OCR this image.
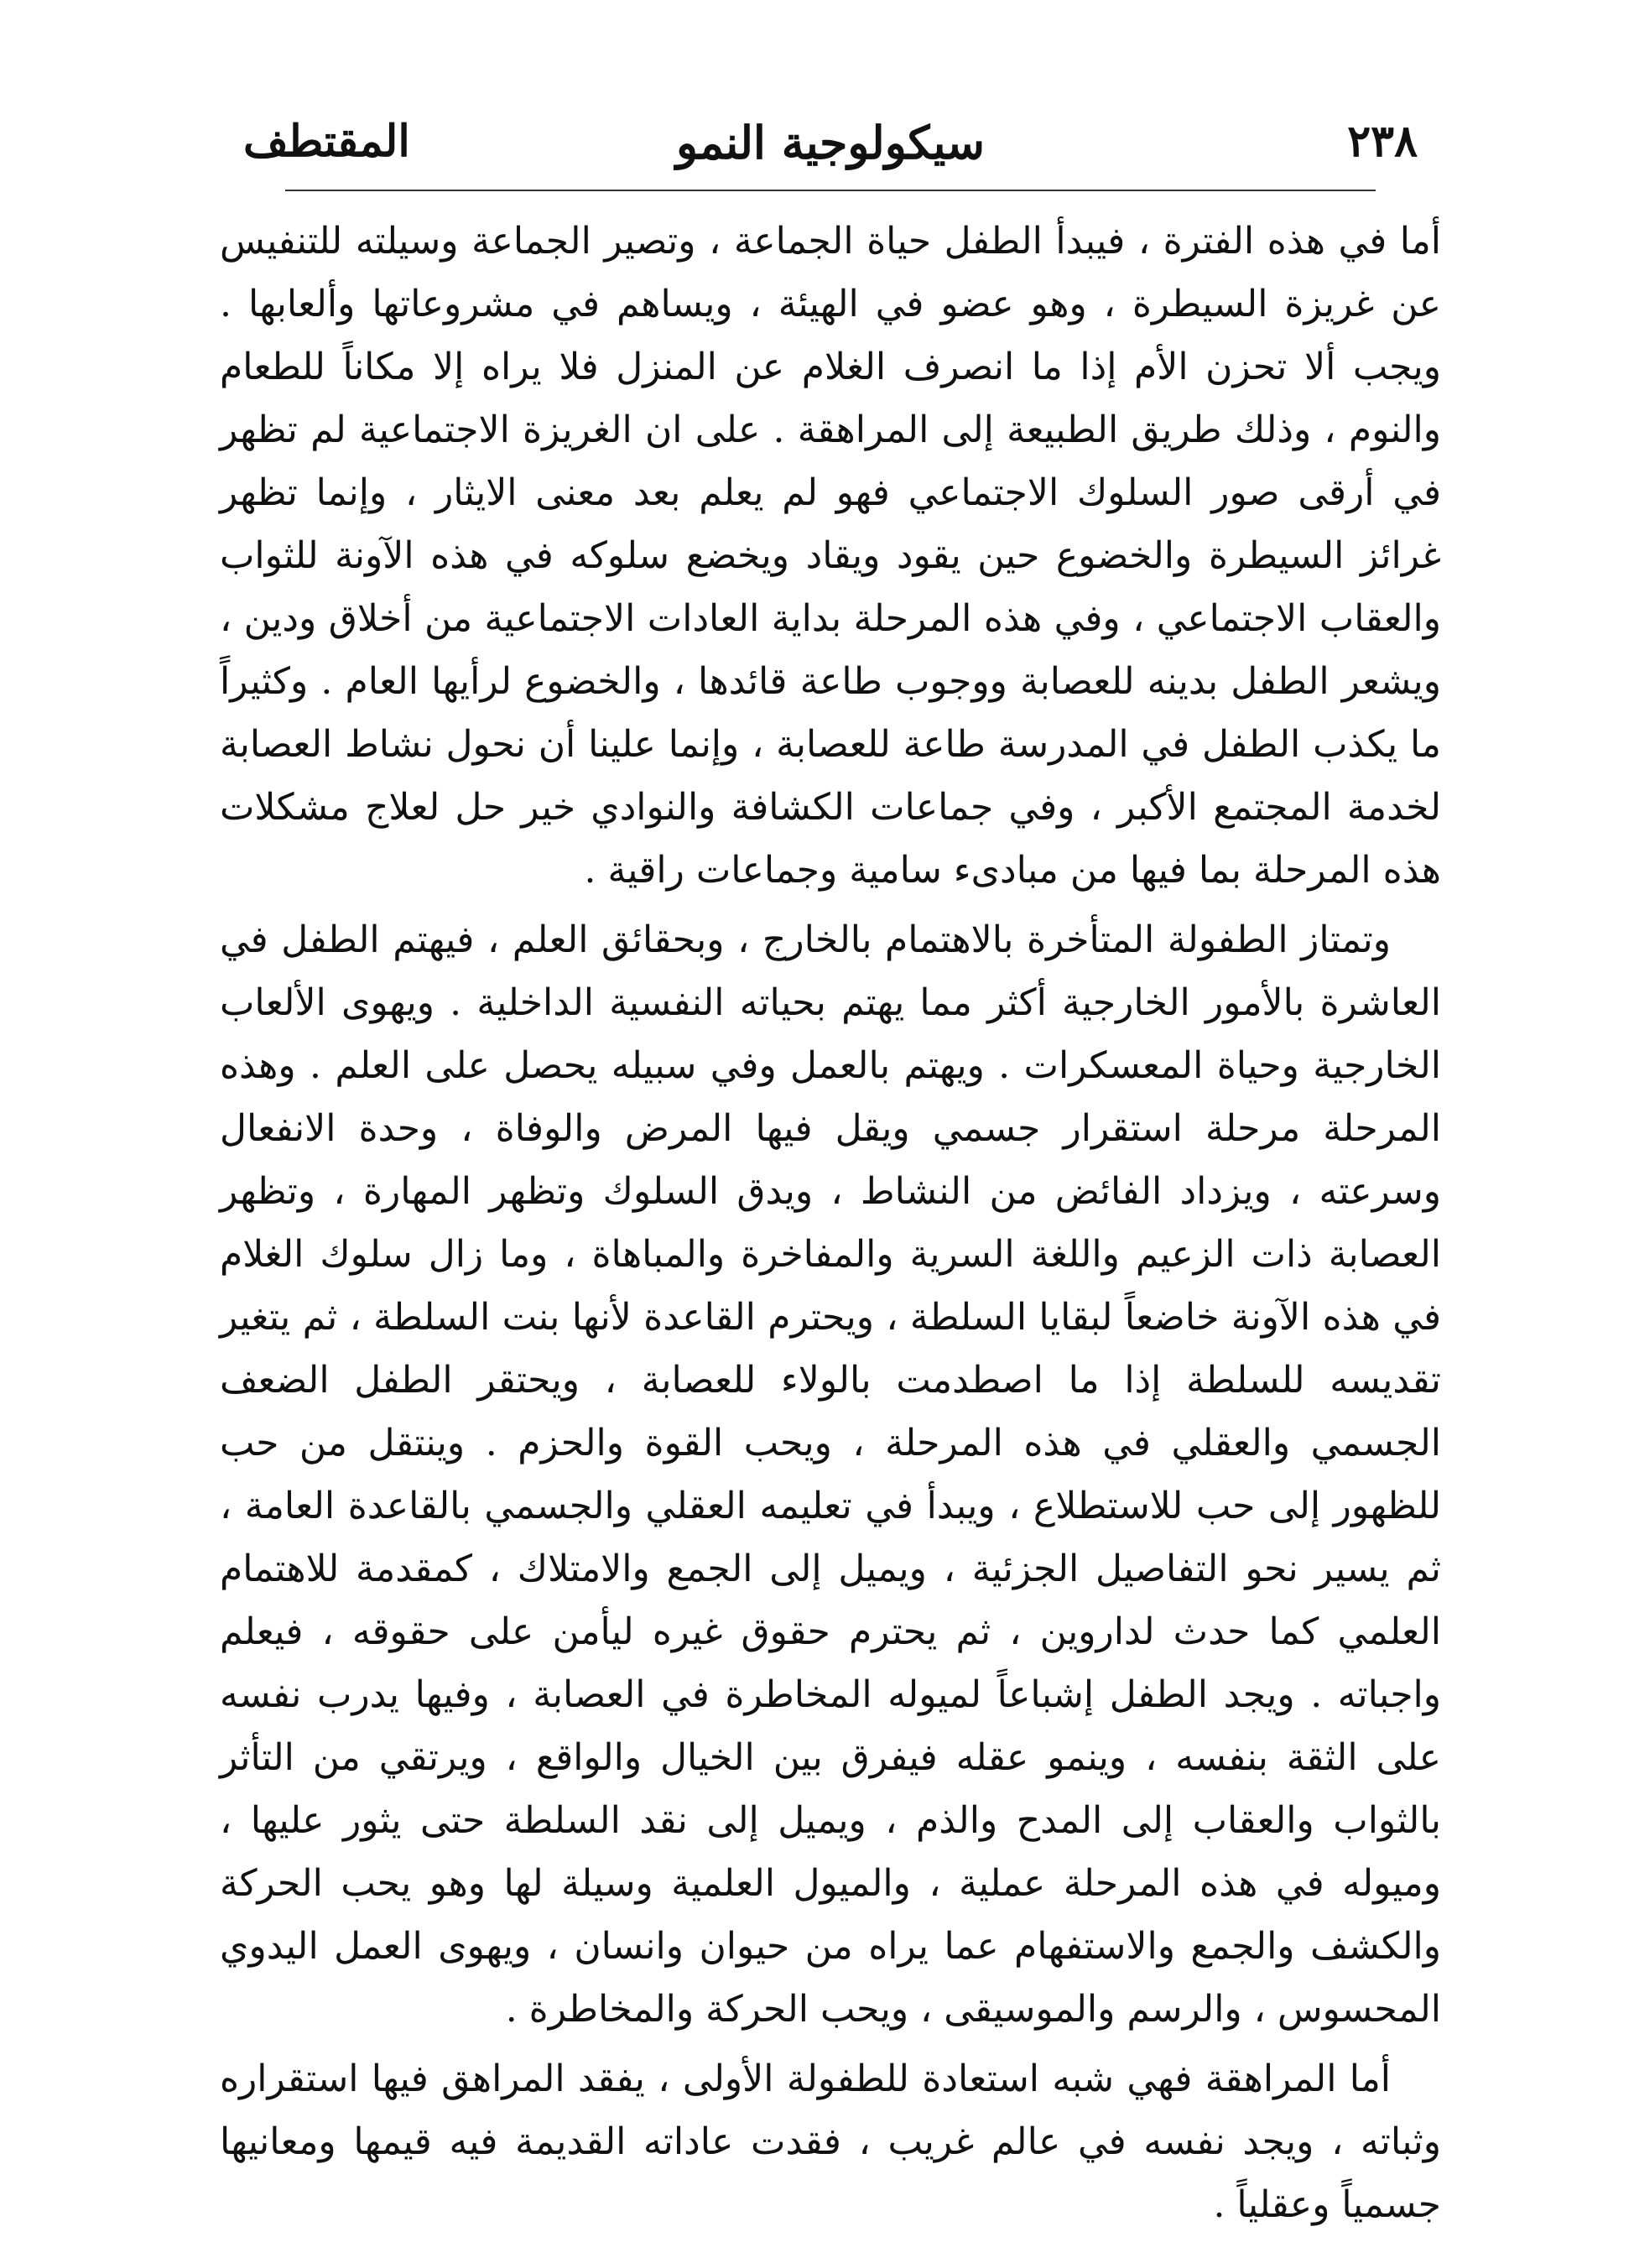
٢٣٨
سيكولوجية النمو
المقتطف

أما في هذه الفترة ، فيبدأ الطفل حياة الجماعة ، وتصير الجماعة وسيلته للتنفيس عن غريزة السيطرة ، وهو عضو في الهيئة ، ويساهم في مشروعاتها وألعابها . ويجب ألا تحزن الأم إذا ما انصرف الغلام عن المنزل فلا يراه إلا مكاناً للطعام والنوم ، وذلك طريق الطبيعة إلى المراهقة . على ان الغريزة الاجتماعية لم تظهر في أرقى صور السلوك الاجتماعي فهو لم يعلم بعد معنى الايثار ، وإنما تظهر غرائز السيطرة والخضوع حين يقود ويقاد ويخضع سلوكه في هذه الآونة للثواب والعقاب الاجتماعي ، وفي هذه المرحلة بداية العادات الاجتماعية من أخلاق ودين ، ويشعر الطفل بدينه للعصابة ووجوب طاعة قائدها ، والخضوع لرأيها العام . وكثيراً ما يكذب الطفل في المدرسة طاعة للعصابة ، وإنما علينا أن نحول نشاط العصابة لخدمة المجتمع الأكبر ، وفي جماعات الكشافة والنوادي خير حل لعلاج مشكلات هذه المرحلة بما فيها من مبادىء سامية وجماعات راقية .

وتمتاز الطفولة المتأخرة بالاهتمام بالخارج ، وبحقائق العلم ، فيهتم الطفل في العاشرة بالأمور الخارجية أكثر مما يهتم بحياته النفسية الداخلية . ويهوى الألعاب الخارجية وحياة المعسكرات . ويهتم بالعمل وفي سبيله يحصل على العلم . وهذه المرحلة مرحلة استقرار جسمي ويقل فيها المرض والوفاة ، وحدة الانفعال وسرعته ، ويزداد الفائض من النشاط ، ويدق السلوك وتظهر المهارة ، وتظهر العصابة ذات الزعيم واللغة السرية والمفاخرة والمباهاة ، وما زال سلوك الغلام في هذه الآونة خاضعاً لبقايا السلطة ، ويحترم القاعدة لأنها بنت السلطة ، ثم يتغير تقديسه للسلطة إذا ما اصطدمت بالولاء للعصابة ، ويحتقر الطفل الضعف الجسمي والعقلي في هذه المرحلة ، ويحب القوة والحزم . وينتقل من حب للظهور إلى حب للاستطلاع ، ويبدأ في تعليمه العقلي والجسمي بالقاعدة العامة ، ثم يسير نحو التفاصيل الجزئية ، ويميل إلى الجمع والامتلاك ، كمقدمة للاهتمام العلمي كما حدث لداروين ، ثم يحترم حقوق غيره ليأمن على حقوقه ، فيعلم واجباته . ويجد الطفل إشباعاً لميوله المخاطرة في العصابة ، وفيها يدرب نفسه على الثقة بنفسه ، وينمو عقله فيفرق بين الخيال والواقع ، ويرتقي من التأثر بالثواب والعقاب إلى المدح والذم ، ويميل إلى نقد السلطة حتى يثور عليها ، وميوله في هذه المرحلة عملية ، والميول العلمية وسيلة لها وهو يحب الحركة والكشف والجمع والاستفهام عما يراه من حيوان وانسان ، ويهوى العمل اليدوي المحسوس ، والرسم والموسيقى ، ويحب الحركة والمخاطرة .

أما المراهقة فهي شبه استعادة للطفولة الأولى ، يفقد المراهق فيها استقراره وثباته ، ويجد نفسه في عالم غريب ، فقدت عاداته القديمة فيه قيمها ومعانيها جسمياً وعقلياً .
